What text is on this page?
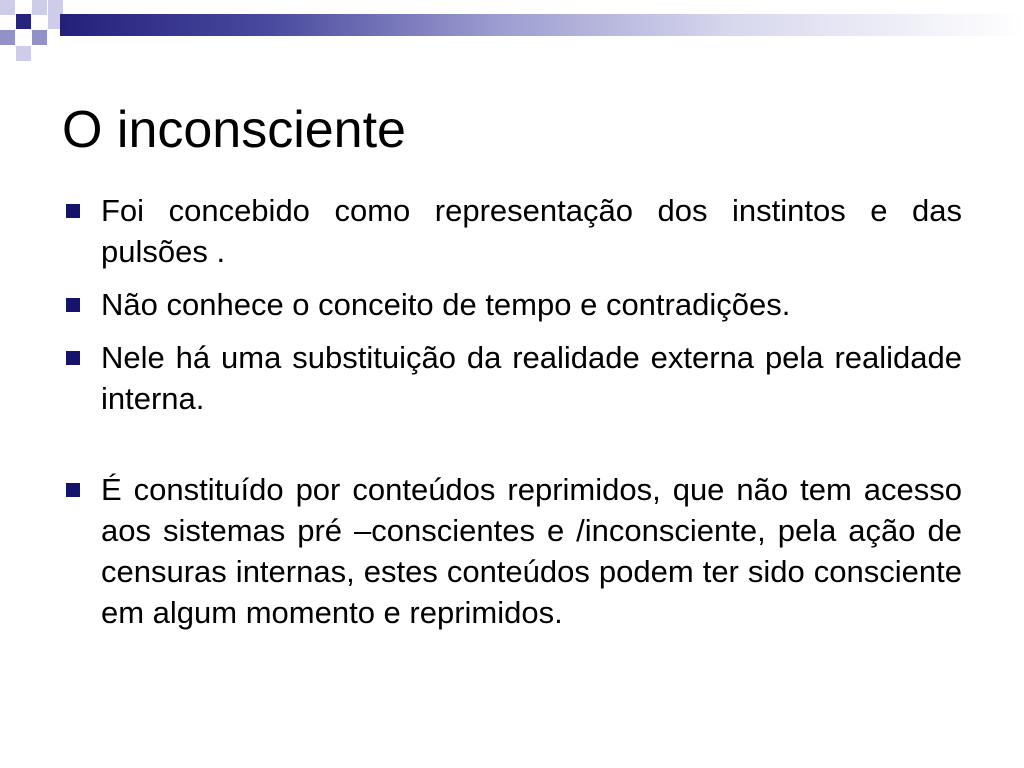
O inconsciente
Foi concebido como representação dos instintos e das pulsões .
Não conhece o conceito de tempo e contradições.
Nele há uma substituição da realidade externa pela realidade interna.
É constituído por conteúdos reprimidos, que não tem acesso aos sistemas pré –conscientes e /inconsciente, pela ação de censuras internas, estes conteúdos podem ter sido consciente em algum momento e reprimidos.
